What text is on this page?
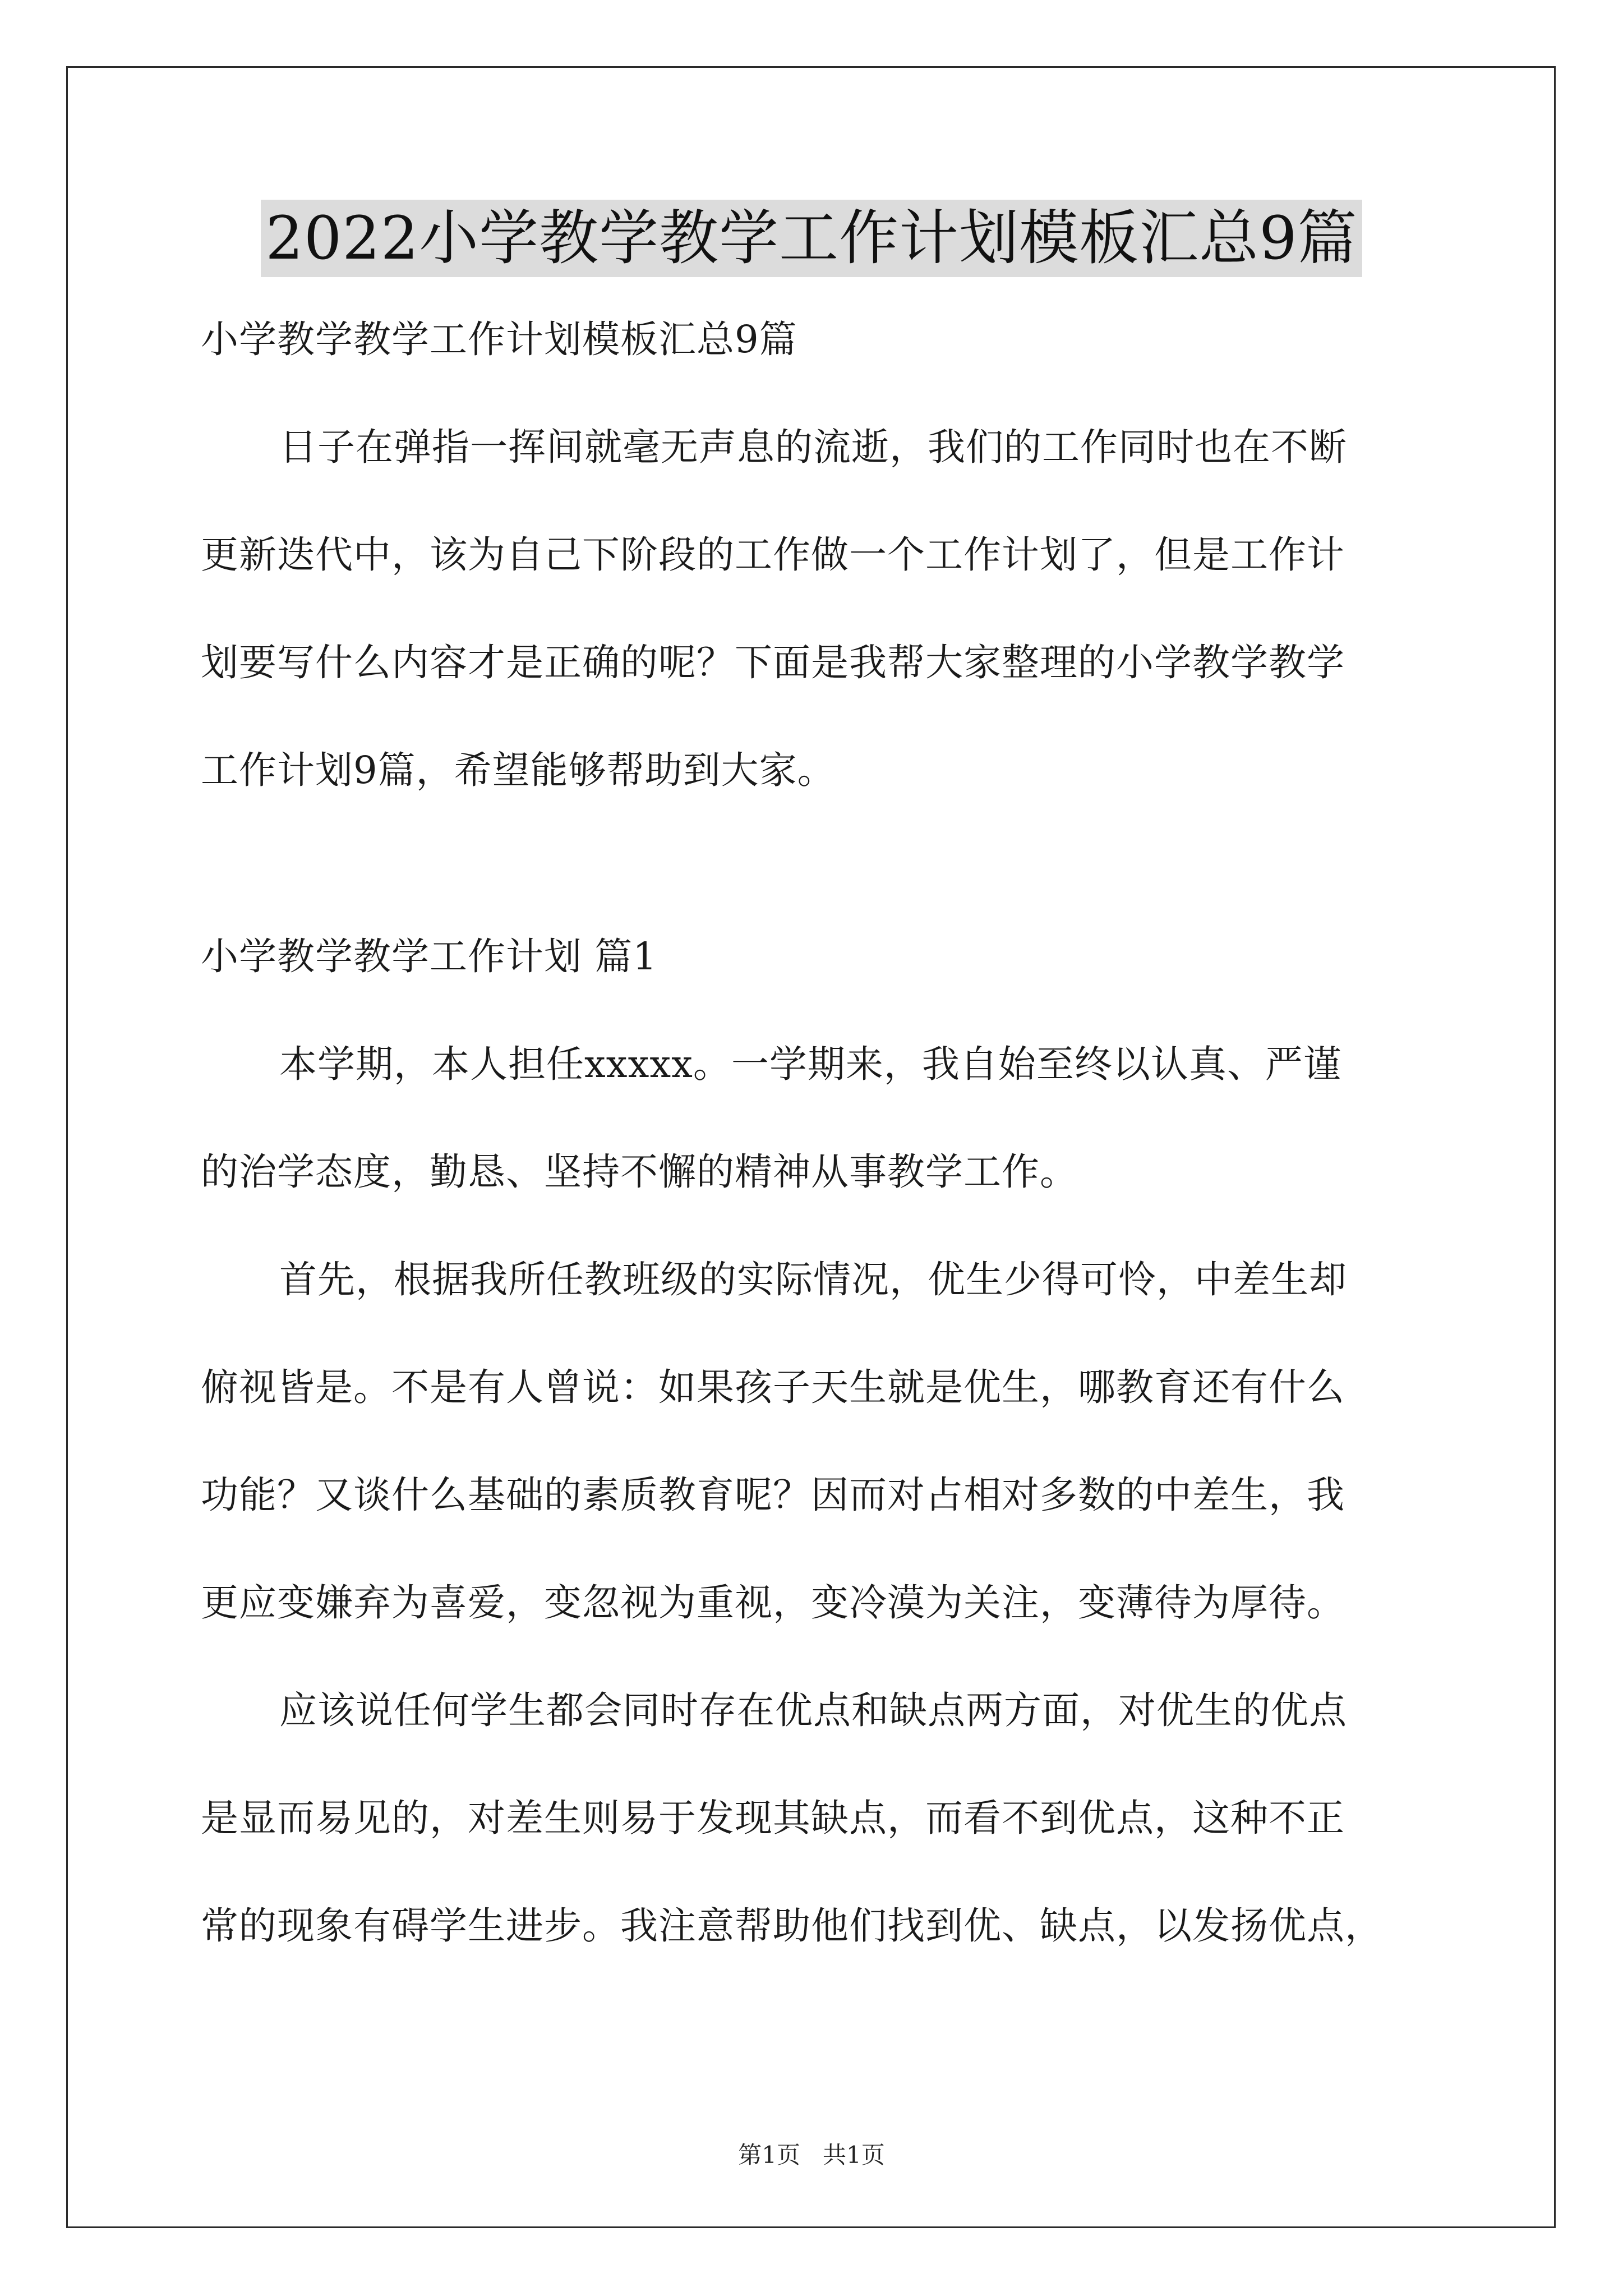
2022小学教学教学工作计划模板汇总9篇
小学教学教学工作计划模板汇总9篇
日子在弹指一挥间就毫无声息的流逝，我们的工作同时也在不断
更新迭代中，该为自己下阶段的工作做一个工作计划了，但是工作计
划要写什么内容才是正确的呢？下面是我帮大家整理的小学教学教学
工作计划9篇，希望能够帮助到大家。
小学教学教学工作计划 篇1
本学期，本人担任xxxxx。一学期来，我自始至终以认真、严谨
的治学态度，勤恳、坚持不懈的精神从事教学工作。
首先，根据我所任教班级的实际情况，优生少得可怜，中差生却
俯视皆是。不是有人曾说：如果孩子天生就是优生，哪教育还有什么
功能？又谈什么基础的素质教育呢？因而对占相对多数的中差生，我
更应变嫌弃为喜爱，变忽视为重视，变冷漠为关注，变薄待为厚待。
应该说任何学生都会同时存在优点和缺点两方面，对优生的优点
是显而易见的，对差生则易于发现其缺点，而看不到优点，这种不正
常的现象有碍学生进步。我注意帮助他们找到优、缺点，以发扬优点，
第1页   共1页
